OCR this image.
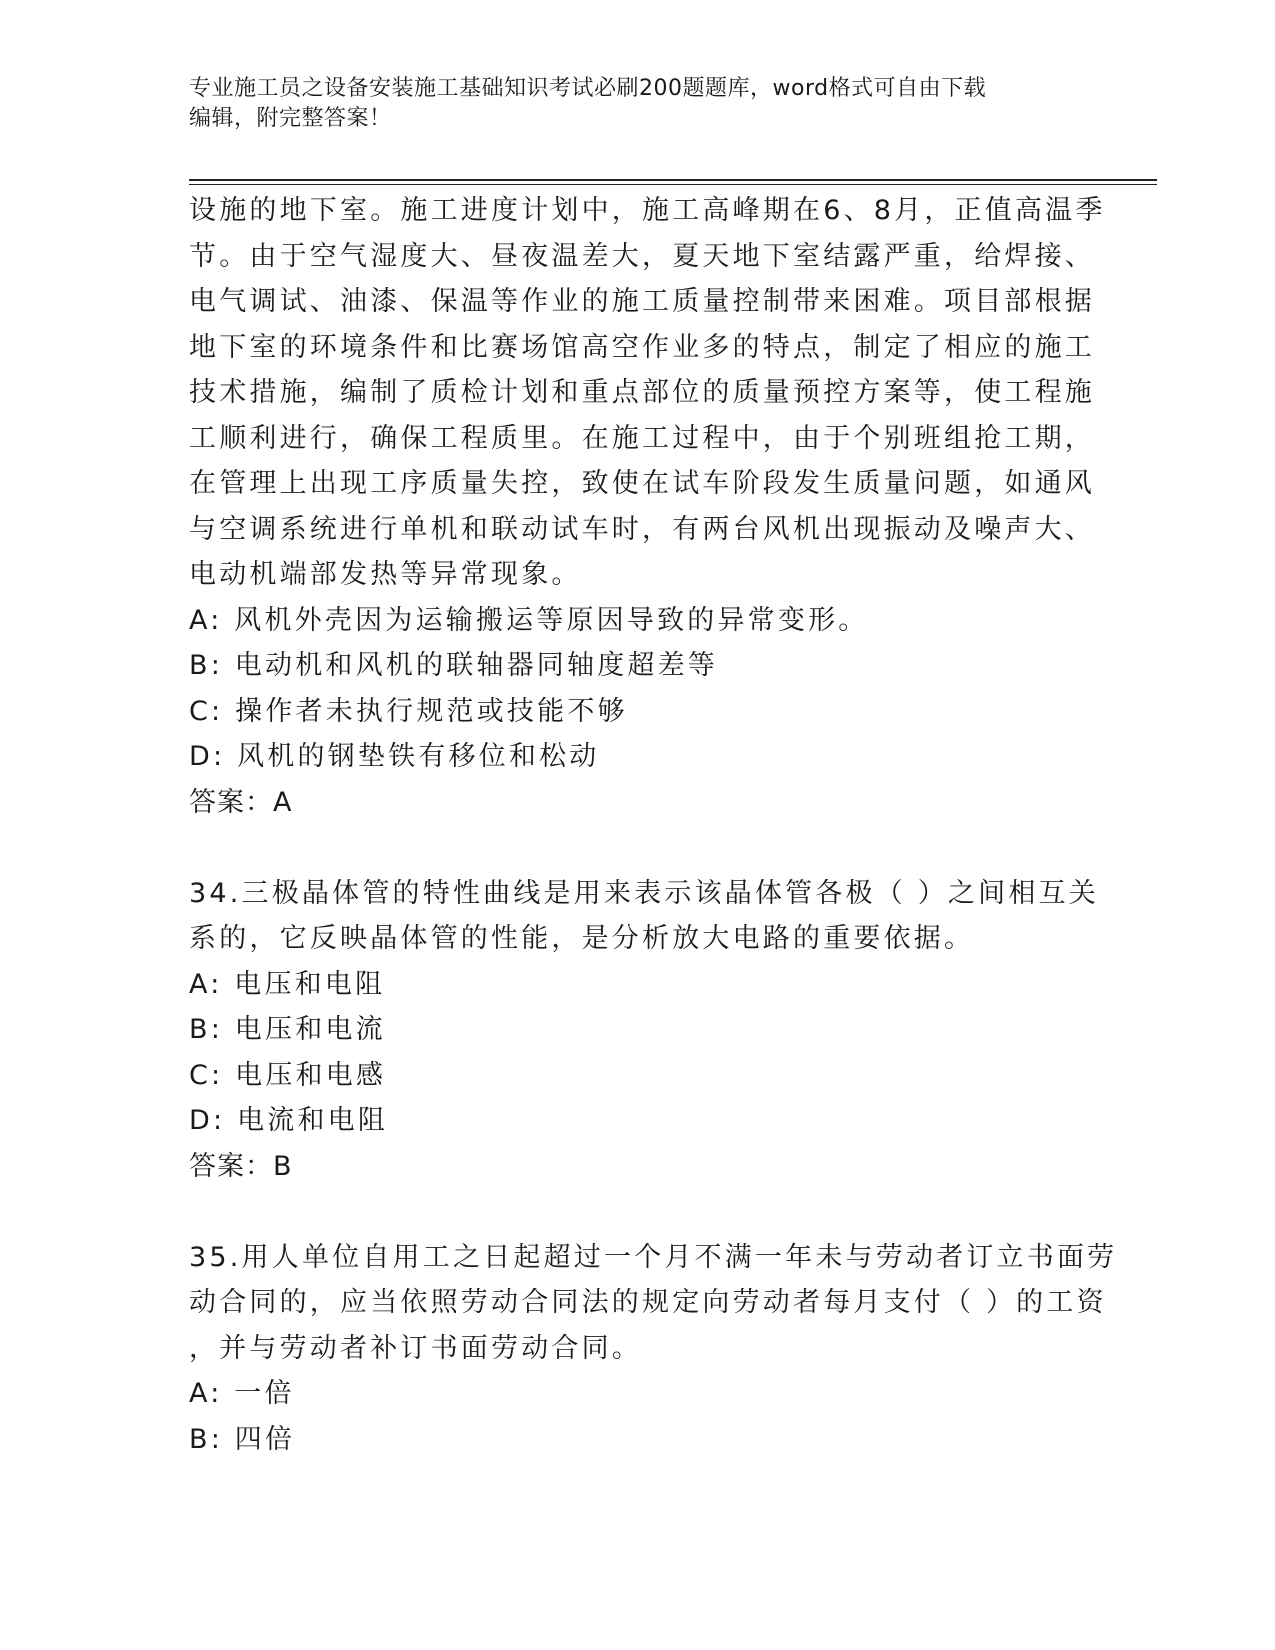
专业施工员之设备安装施工基础知识考试必刷200题题库，word格式可自由下载
编辑，附完整答案！
设施的地下室。施工进度计划中，施工高峰期在6、8月，正值高温季
节。由于空气湿度大、昼夜温差大，夏天地下室结露严重，给焊接、
电气调试、油漆、保温等作业的施工质量控制带来困难。项目部根据
地下室的环境条件和比赛场馆高空作业多的特点，制定了相应的施工
技术措施，编制了质检计划和重点部位的质量预控方案等，使工程施
工顺利进行，确保工程质里。在施工过程中，由于个别班组抢工期，
在管理上出现工序质量失控，致使在试车阶段发生质量问题，如通风
与空调系统进行单机和联动试车时，有两台风机出现振动及噪声大、
电动机端部发热等异常现象。
A: 风机外壳因为运输搬运等原因导致的异常变形。
B: 电动机和风机的联轴器同轴度超差等
C: 操作者未执行规范或技能不够
D: 风机的钢垫铁有移位和松动
答案：A
34.三极晶体管的特性曲线是用来表示该晶体管各极（ ）之间相互关
系的，它反映晶体管的性能，是分析放大电路的重要依据。
A: 电压和电阻
B: 电压和电流
C: 电压和电感
D: 电流和电阻
答案：B
35.用人单位自用工之日起超过一个月不满一年未与劳动者订立书面劳
动合同的，应当依照劳动合同法的规定向劳动者每月支付（ ）的工资
，并与劳动者补订书面劳动合同。
A: 一倍
B: 四倍
